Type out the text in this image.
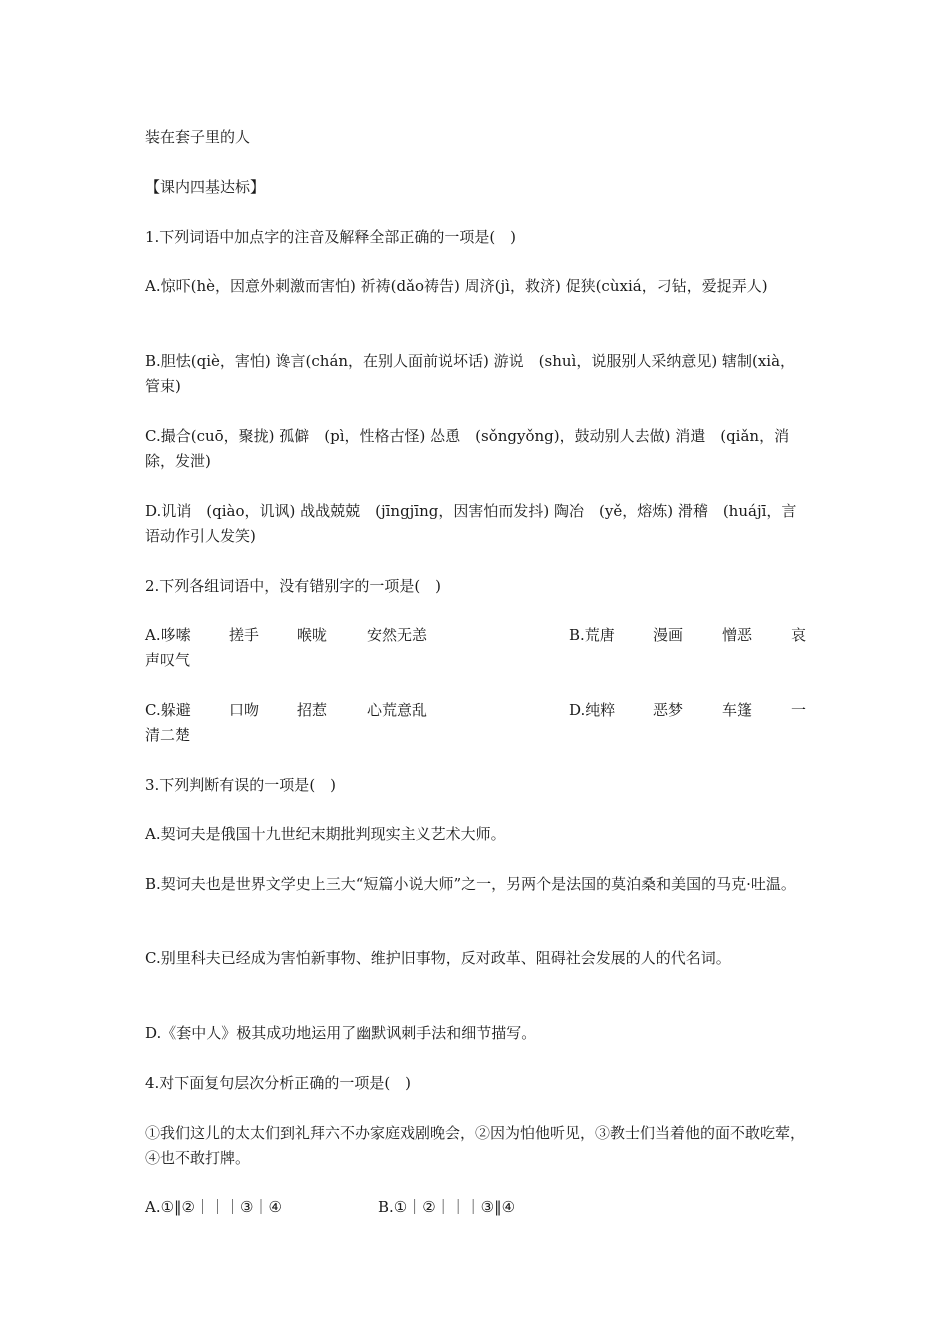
装在套子里的人

【课内四基达标】

1.下列词语中加点字的注音及解释全部正确的一项是(　)

A.惊吓(hè，因意外刺激而害怕) 祈祷(dǎo祷告) 周济(jì，救济) 促狭(cùxiá，刁钻，爱捉弄人)

B.胆怯(qiè，害怕) 谗言(chán，在别人面前说坏话) 游说　(shuì，说服别人采纳意见) 辖制(xià，管束)

C.撮合(cuō，聚拢) 孤僻　(pì，性格古怪) 怂恿　(sǒngyǒng)，鼓动别人去做) 消遣　(qiǎn，消除，发泄)

D.讥诮　(qiào，讥讽) 战战兢兢　(jīngjīng，因害怕而发抖) 陶冶　(yě，熔炼) 滑稽　(huájī，言语动作引人发笑)

2.下列各组词语中，没有错别字的一项是(　)

A.哆嗦	搓手	喉咙	安然无恙	B.荒唐	漫画	憎恶	哀
声叹气
C.躲避	口吻	招惹	心荒意乱	D.纯粹	恶梦	车篷	一
清二楚

3.下列判断有误的一项是(　)

A.契诃夫是俄国十九世纪末期批判现实主义艺术大师。

B.契诃夫也是世界文学史上三大“短篇小说大师”之一，另两个是法国的莫泊桑和美国的马克·吐温。

C.别里科夫已经成为害怕新事物、维护旧事物，反对政革、阻碍社会发展的人的代名词。

D.《套中人》极其成功地运用了幽默讽刺手法和细节描写。

4.对下面复句层次分析正确的一项是(　)

①我们这儿的太太们到礼拜六不办家庭戏剧晚会，②因为怕他听见，③教士们当着他的面不敢吃荤，④也不敢打牌。

A.①‖②｜｜｜③｜④	B.①｜②｜｜｜③‖④
